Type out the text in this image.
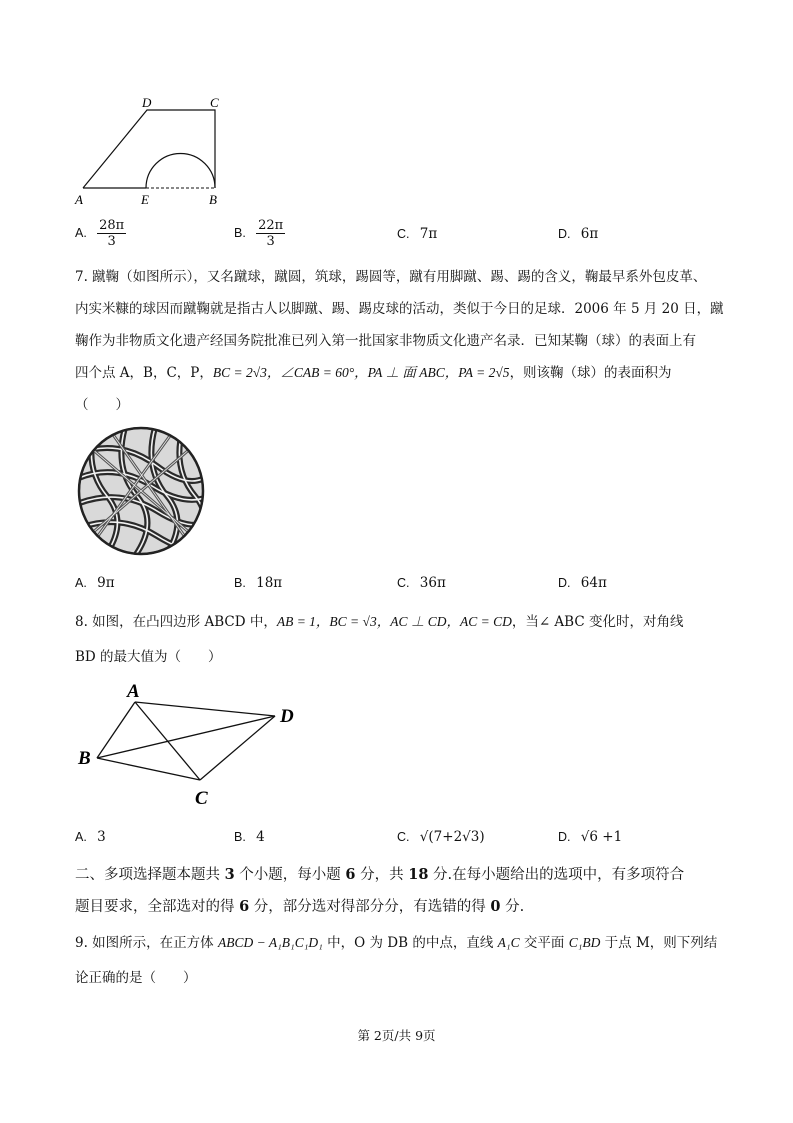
D	C
A	E	B
A. $\frac{28\pi}{3}$	B. $\frac{22\pi}{3}$	C. 7π	D. 6π
7. 蹴鞠（如图所示），又名蹴球，蹴圆，筑球，踢圆等，蹴有用脚蹴、踢、踢的含义，鞠最早系外包皮革、
内实米糠的球因而蹴鞠就是指古人以脚蹴、踢、踢皮球的活动，类似于今日的足球．2006 年 5 月 20 日，蹴
鞠作为非物质文化遗产经国务院批准已列入第一批国家非物质文化遗产名录．已知某鞠（球）的表面上有
四个点 A，B，C，P，BC = 2√3，∠CAB = 60°，PA ⊥ 面 ABC，PA = 2√5，则该鞠（球）的表面积为
（　　）
A. 9π	B. 18π	C. 36π	D. 64π
8. 如图，在凸四边形 ABCD 中，AB = 1，BC = √3，AC ⊥ CD，AC = CD，当∠ ABC 变化时，对角线
BD 的最大值为（　　）
A
D
B
C
A. 3	B. 4	C. √(7+2√3)	D. √6 +1
二、多项选择题本题共 3 个小题，每小题 6 分，共 18 分.在每小题给出的选项中，有多项符合
题目要求，全部选对的得 6 分，部分选对得部分分，有选错的得 0 分.
9. 如图所示，在正方体 ABCD − A₁B₁C₁D₁ 中，O 为 DB 的中点，直线 A₁C 交平面 C₁BD 于点 M，则下列结
论正确的是（　　）
第 2页/共 9页
